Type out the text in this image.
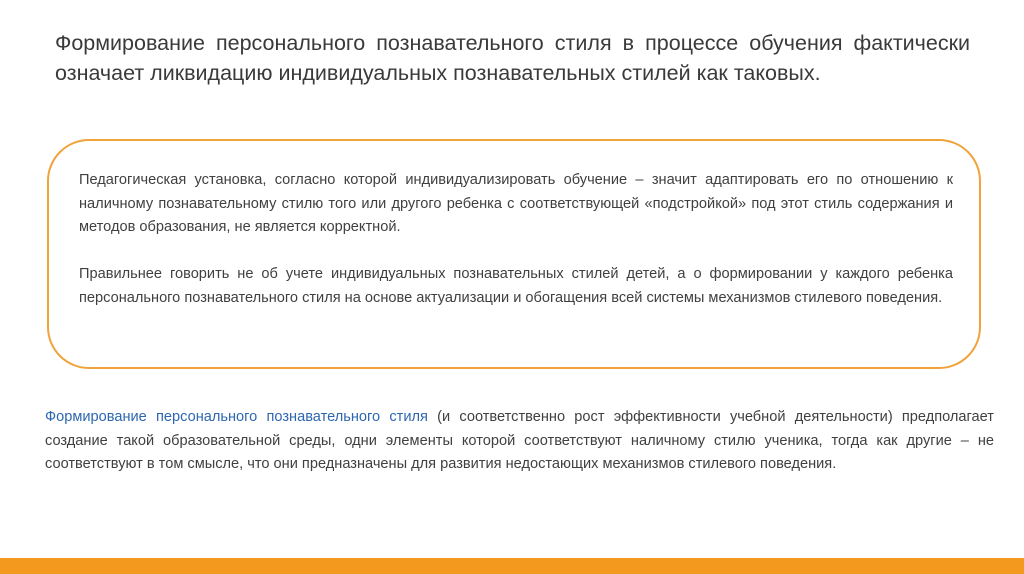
Формирование персонального познавательного стиля в процессе обучения фактически означает ликвидацию индивидуальных познавательных стилей как таковых.

Педагогическая установка, согласно которой индивидуализировать обучение – значит адаптировать его по отношению к наличному познавательному стилю того или другого ребенка с соответствующей «подстройкой» под этот стиль содержания и методов образования, не является корректной.

Правильнее говорить не об учете индивидуальных познавательных стилей детей, а о формировании у каждого ребенка персонального познавательного стиля на основе актуализации и обогащения всей системы механизмов стилевого поведения.

Формирование персонального познавательного стиля (и соответственно рост эффективности учебной деятельности) предполагает создание такой образовательной среды, одни элементы которой соответствуют наличному стилю ученика, тогда как другие – не соответствуют в том смысле, что они предназначены для развития недостающих механизмов стилевого поведения.
